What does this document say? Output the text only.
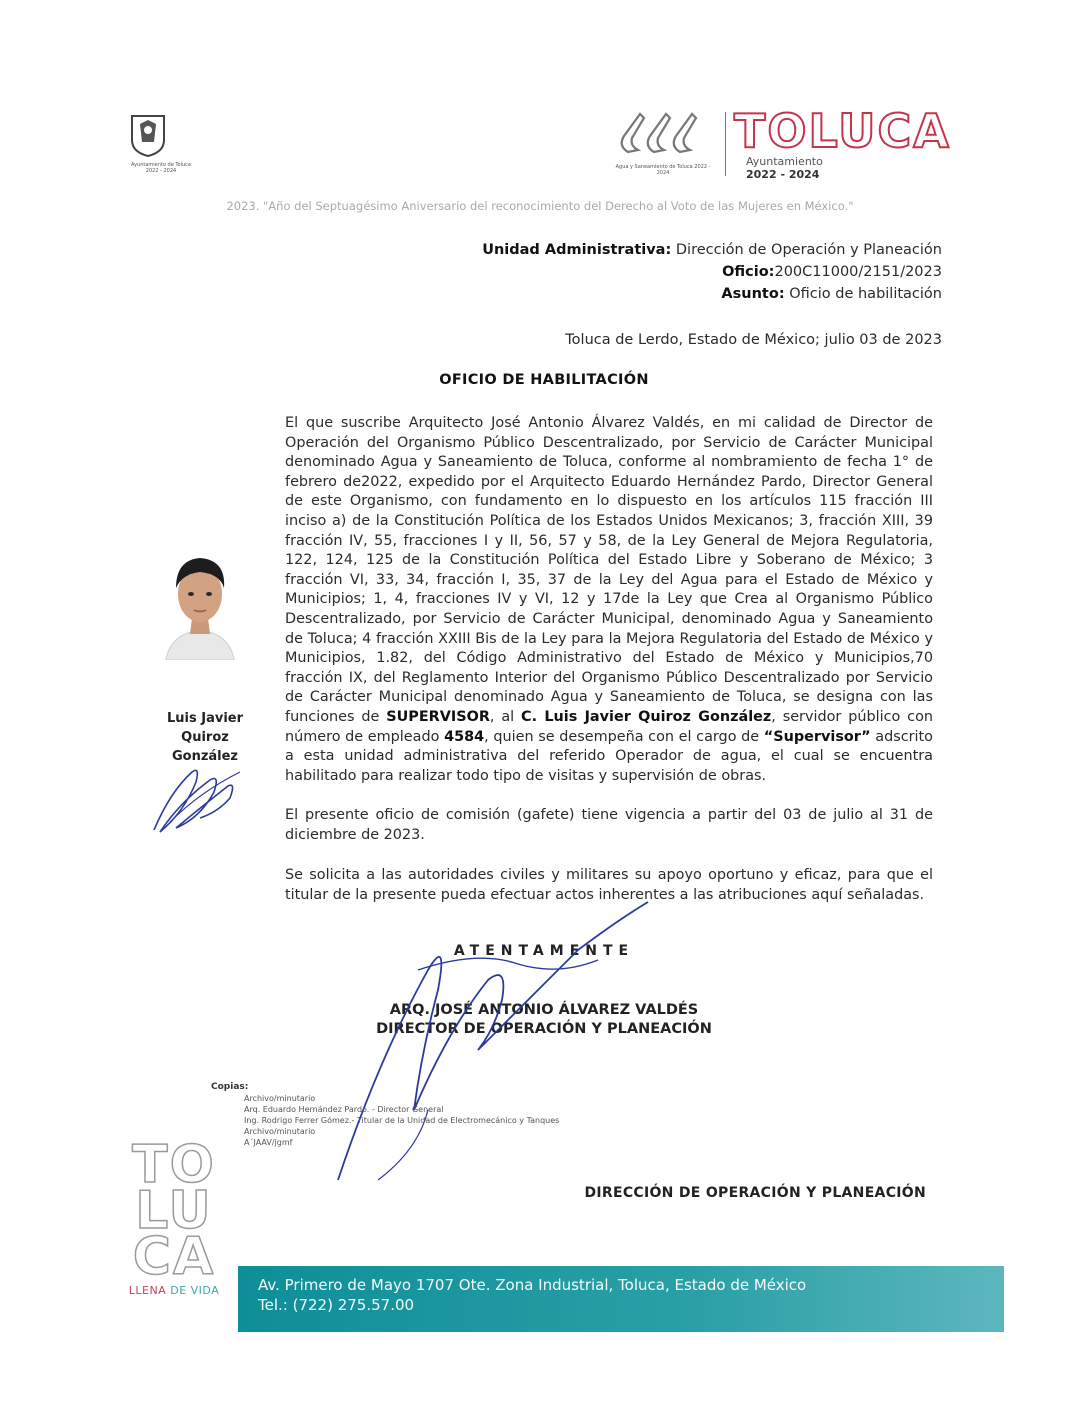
Ayuntamiento de Toluca 2022 - 2024
Agua y Saneamiento de Toluca 2022 - 2024
TOLUCA
Ayuntamiento
2022 - 2024
2023. "Año del Septuagésimo Aniversario del reconocimiento del Derecho al Voto de las Mujeres en México."
Unidad Administrativa: Dirección de Operación y Planeación
Oficio:200C11000/2151/2023
Asunto: Oficio de habilitación
Toluca de Lerdo, Estado de México; julio 03 de 2023
OFICIO DE HABILITACIÓN
Luis Javier
Quiroz
González
El que suscribe Arquitecto José Antonio Álvarez Valdés, en mi calidad de Director de Operación del Organismo Público Descentralizado, por Servicio de Carácter Municipal denominado Agua y Saneamiento de Toluca, conforme al nombramiento de fecha 1° de febrero de2022, expedido por el Arquitecto Eduardo Hernández Pardo, Director General de este Organismo, con fundamento en lo dispuesto en los artículos 115 fracción III inciso a) de la Constitución Política de los Estados Unidos Mexicanos; 3, fracción XIII, 39 fracción IV, 55, fracciones I y II, 56, 57 y 58, de la Ley General de Mejora Regulatoria, 122, 124, 125 de la Constitución Política del Estado Libre y Soberano de México; 3 fracción VI, 33, 34, fracción I, 35, 37 de la Ley del Agua para el Estado de México y Municipios; 1, 4, fracciones IV y VI, 12 y 17de la Ley que Crea al Organismo Público Descentralizado, por Servicio de Carácter Municipal, denominado Agua y Saneamiento de Toluca; 4 fracción XXIII Bis de la Ley para la Mejora Regulatoria del Estado de México y Municipios, 1.82, del Código Administrativo del Estado de México y Municipios,70 fracción IX, del Reglamento Interior del Organismo Público Descentralizado por Servicio de Carácter Municipal denominado Agua y Saneamiento de Toluca, se designa con las funciones de SUPERVISOR, al C. Luis Javier Quiroz González, servidor público con número de empleado 4584, quien se desempeña con el cargo de “Supervisor” adscrito a esta unidad administrativa del referido Operador de agua, el cual se encuentra habilitado para realizar todo tipo de visitas y supervisión de obras.
El presente oficio de comisión (gafete) tiene vigencia a partir del 03 de julio al 31 de diciembre de 2023.
Se solicita a las autoridades civiles y militares su apoyo oportuno y eficaz, para que el titular de la presente pueda efectuar actos inherentes a las atribuciones aquí señaladas.
ATENTAMENTE
ARQ. JOSÉ ANTONIO ÁLVAREZ VALDÉS
DIRECTOR DE OPERACIÓN Y PLANEACIÓN
Copias:
Archivo/minutario
Arq. Eduardo Hernández Pardo. - Director General
Ing. Rodrigo Ferrer Gómez.- Titular de la Unidad de Electromecánico y Tanques
Archivo/minutario
A´JAAV/jgmf
DIRECCIÓN DE OPERACIÓN Y PLANEACIÓN
TO
LU
CA
LLENA DE VIDA	Av. Primero de Mayo 1707 Ote. Zona Industrial, Toluca, Estado de México
Tel.: (722) 275.57.00
